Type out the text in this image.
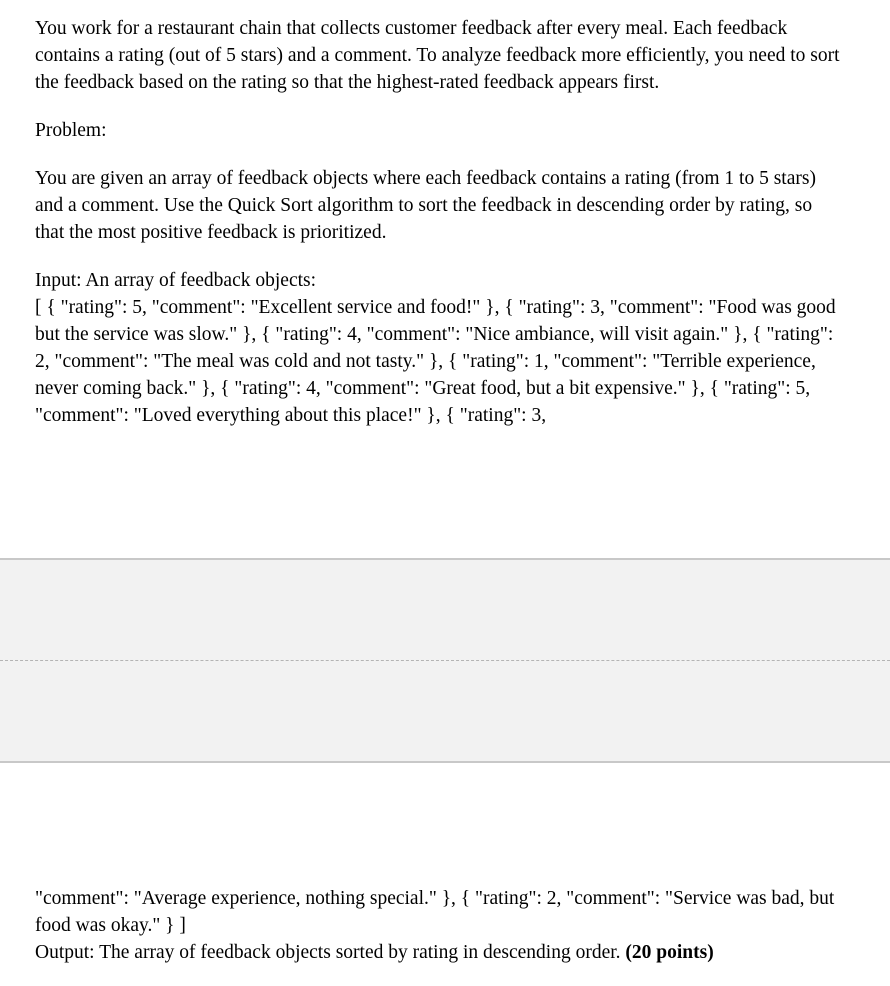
You work for a restaurant chain that collects customer feedback after every meal. Each feedback contains a rating (out of 5 stars) and a comment. To analyze feedback more efficiently, you need to sort the feedback based on the rating so that the highest-rated feedback appears first.

Problem:

You are given an array of feedback objects where each feedback contains a rating (from 1 to 5 stars) and a comment. Use the Quick Sort algorithm to sort the feedback in descending order by rating, so that the most positive feedback is prioritized.

Input: An array of feedback objects:
[ { "rating": 5, "comment": "Excellent service and food!" }, { "rating": 3, "comment": "Food was good but the service was slow." }, { "rating": 4, "comment": "Nice ambiance, will visit again." }, { "rating": 2, "comment": "The meal was cold and not tasty." }, { "rating": 1, "comment": "Terrible experience, never coming back." }, { "rating": 4, "comment": "Great food, but a bit expensive." }, { "rating": 5, "comment": "Loved everything about this place!" }, { "rating": 3,
"comment": "Average experience, nothing special." }, { "rating": 2, "comment": "Service was bad, but food was okay." } ]
Output: The array of feedback objects sorted by rating in descending order. (20 points)
